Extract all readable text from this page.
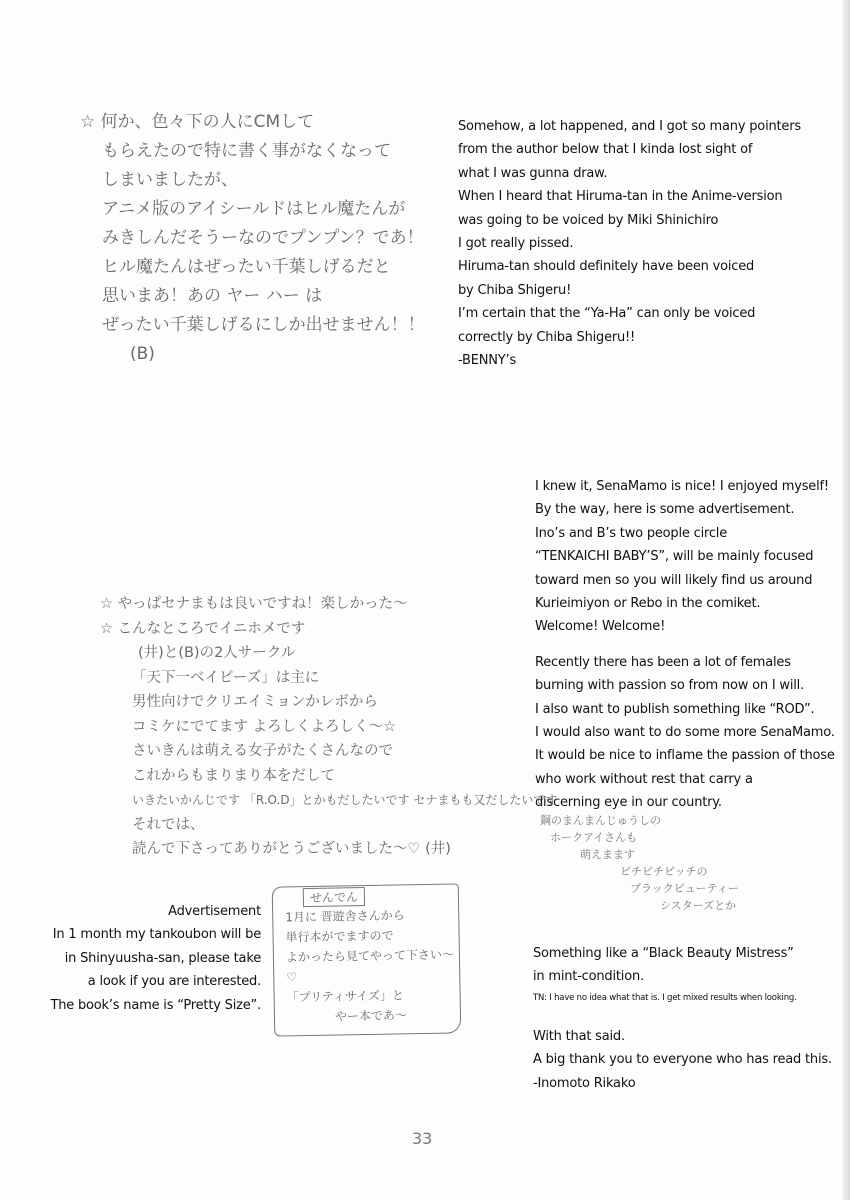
☆ 何か、色々下の人にCMして
もらえたので特に書く事がなくなって
しまいましたが、
アニメ版のアイシールドはヒル魔たんが
みきしんだそうーなのでプンプン？であ！
ヒル魔たんはぜったい千葉しげるだと
思いまあ！あの ヤー ハー は
ぜったい千葉しげるにしか出せません！！
(B)
Somehow, a lot happened, and I got so many pointers
from the author below that I kinda lost sight of
what I was gunna draw.
When I heard that Hiruma-tan in the Anime-version
was going to be voiced by Miki Shinichiro
I got really pissed.
Hiruma-tan should definitely have been voiced
by Chiba Shigeru!
I’m certain that the “Ya-Ha” can only be voiced
correctly by Chiba Shigeru!!
-BENNY’s
I knew it, SenaMamo is nice! I enjoyed myself!
By the way, here is some advertisement.
Ino’s and B’s two people circle
“TENKAICHI BABY’S”, will be mainly focused
toward men so you will likely find us around
Kurieimiyon or Rebo in the comiket.
Welcome! Welcome!
Recently there has been a lot of females
burning with passion so from now on I will.
I also want to publish something like “ROD”.
I would also want to do some more SenaMamo.
It would be nice to inflame the passion of those
who work without rest that carry a
discerning eye in our country.
☆ やっぱセナまもは良いですね！楽しかった〜
☆ こんなところでイニホメです
(井)と(B)の2人サークル
「天下一ベイビーズ」は主に
男性向けでクリエイミョンかレボから
コミケにでてます よろしくよろしく〜☆
さいきんは萌える女子がたくさんなので
これからもまりまり本をだして
いきたいかんじです 「R.O.D」とかもだしたいです セナまもも又だしたいです
それでは、
読んで下さってありがとうございました〜♡ (井)
鋼のまんまんじゅうしの
ホークアイさんも
萌えまます
ピチピチピッチの
ブラックビューティー
シスターズとか
Advertisement
In 1 month my tankoubon will be
in Shinyuusha-san, please take
a look if you are interested.
The book’s name is “Pretty Size”.
せんでん
1月に 晋遊舎さんから
単行本がでますので
よかったら見てやって下さい〜♡
「プリティサイズ」と
やー本であ〜
Something like a “Black Beauty Mistress”
in mint-condition.
TN: I have no idea what that is. I get mixed results when looking.
With that said.
A big thank you to everyone who has read this.
-Inomoto Rikako
33
